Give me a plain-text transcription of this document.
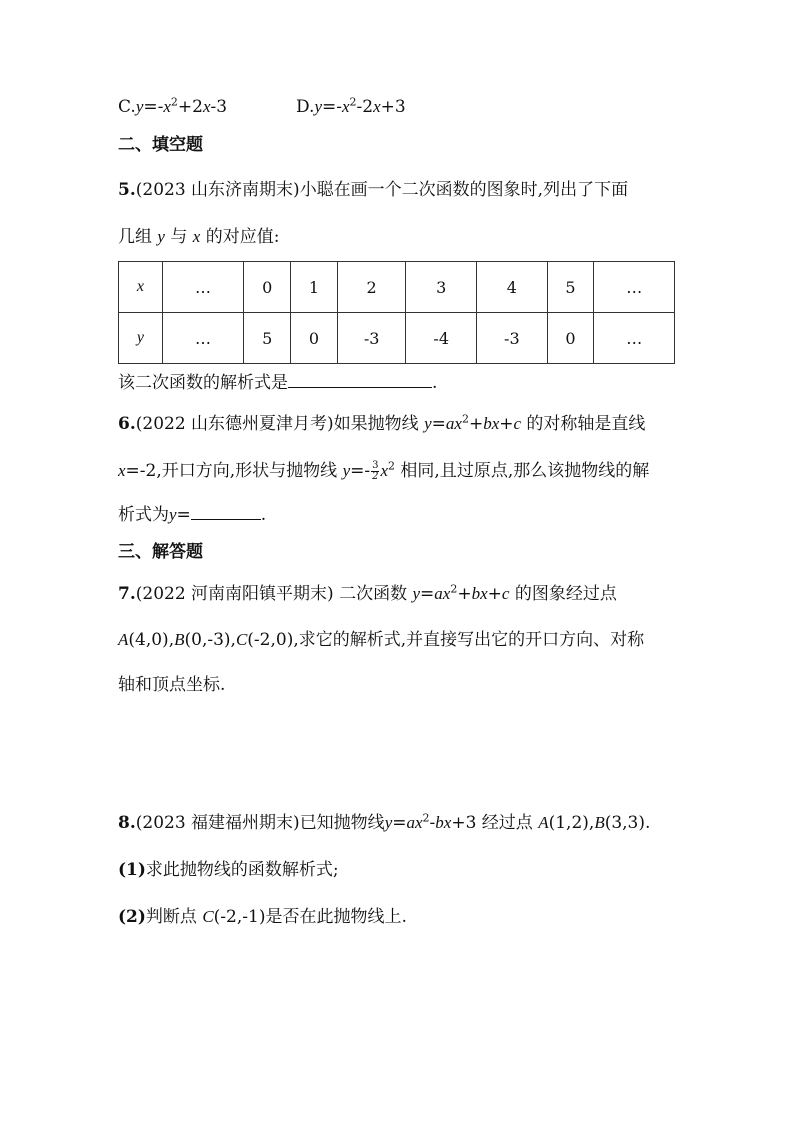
$C.y=-x^2+2x-3$	$D.y=-x^2-2x+3$
二、填空题
5.(2023 山东济南期末)小聪在画一个二次函数的图象时,列出了下面
几组 y 与 x 的对应值:
x	…	0	1	2	3	4	5	…
y	…	5	0	-3	-4	-3	0	…
该二次函数的解析式是	.
6.(2022 山东德州夏津月考)如果抛物线 $y=ax^2+bx+c$ 的对称轴是直线
x=-2,开口方向,形状与抛物线 $y=- \frac{3}{2} x^2$ 相同,且过原点,那么该抛物线的解
析式为y=	.
三、解答题
7.(2022 河南南阳镇平期末) 二次函数 $y=ax^2+bx+c$ 的图象经过点
A(4,0),B(0,-3),C(-2,0),求它的解析式,并直接写出它的开口方向、对称
轴和顶点坐标.
8.(2023 福建福州期末)已知抛物线$y=ax^2-bx+3$ 经过点 A(1,2),B(3,3).
(1)求此抛物线的函数解析式;
(2)判断点 C(-2,-1)是否在此抛物线上.
